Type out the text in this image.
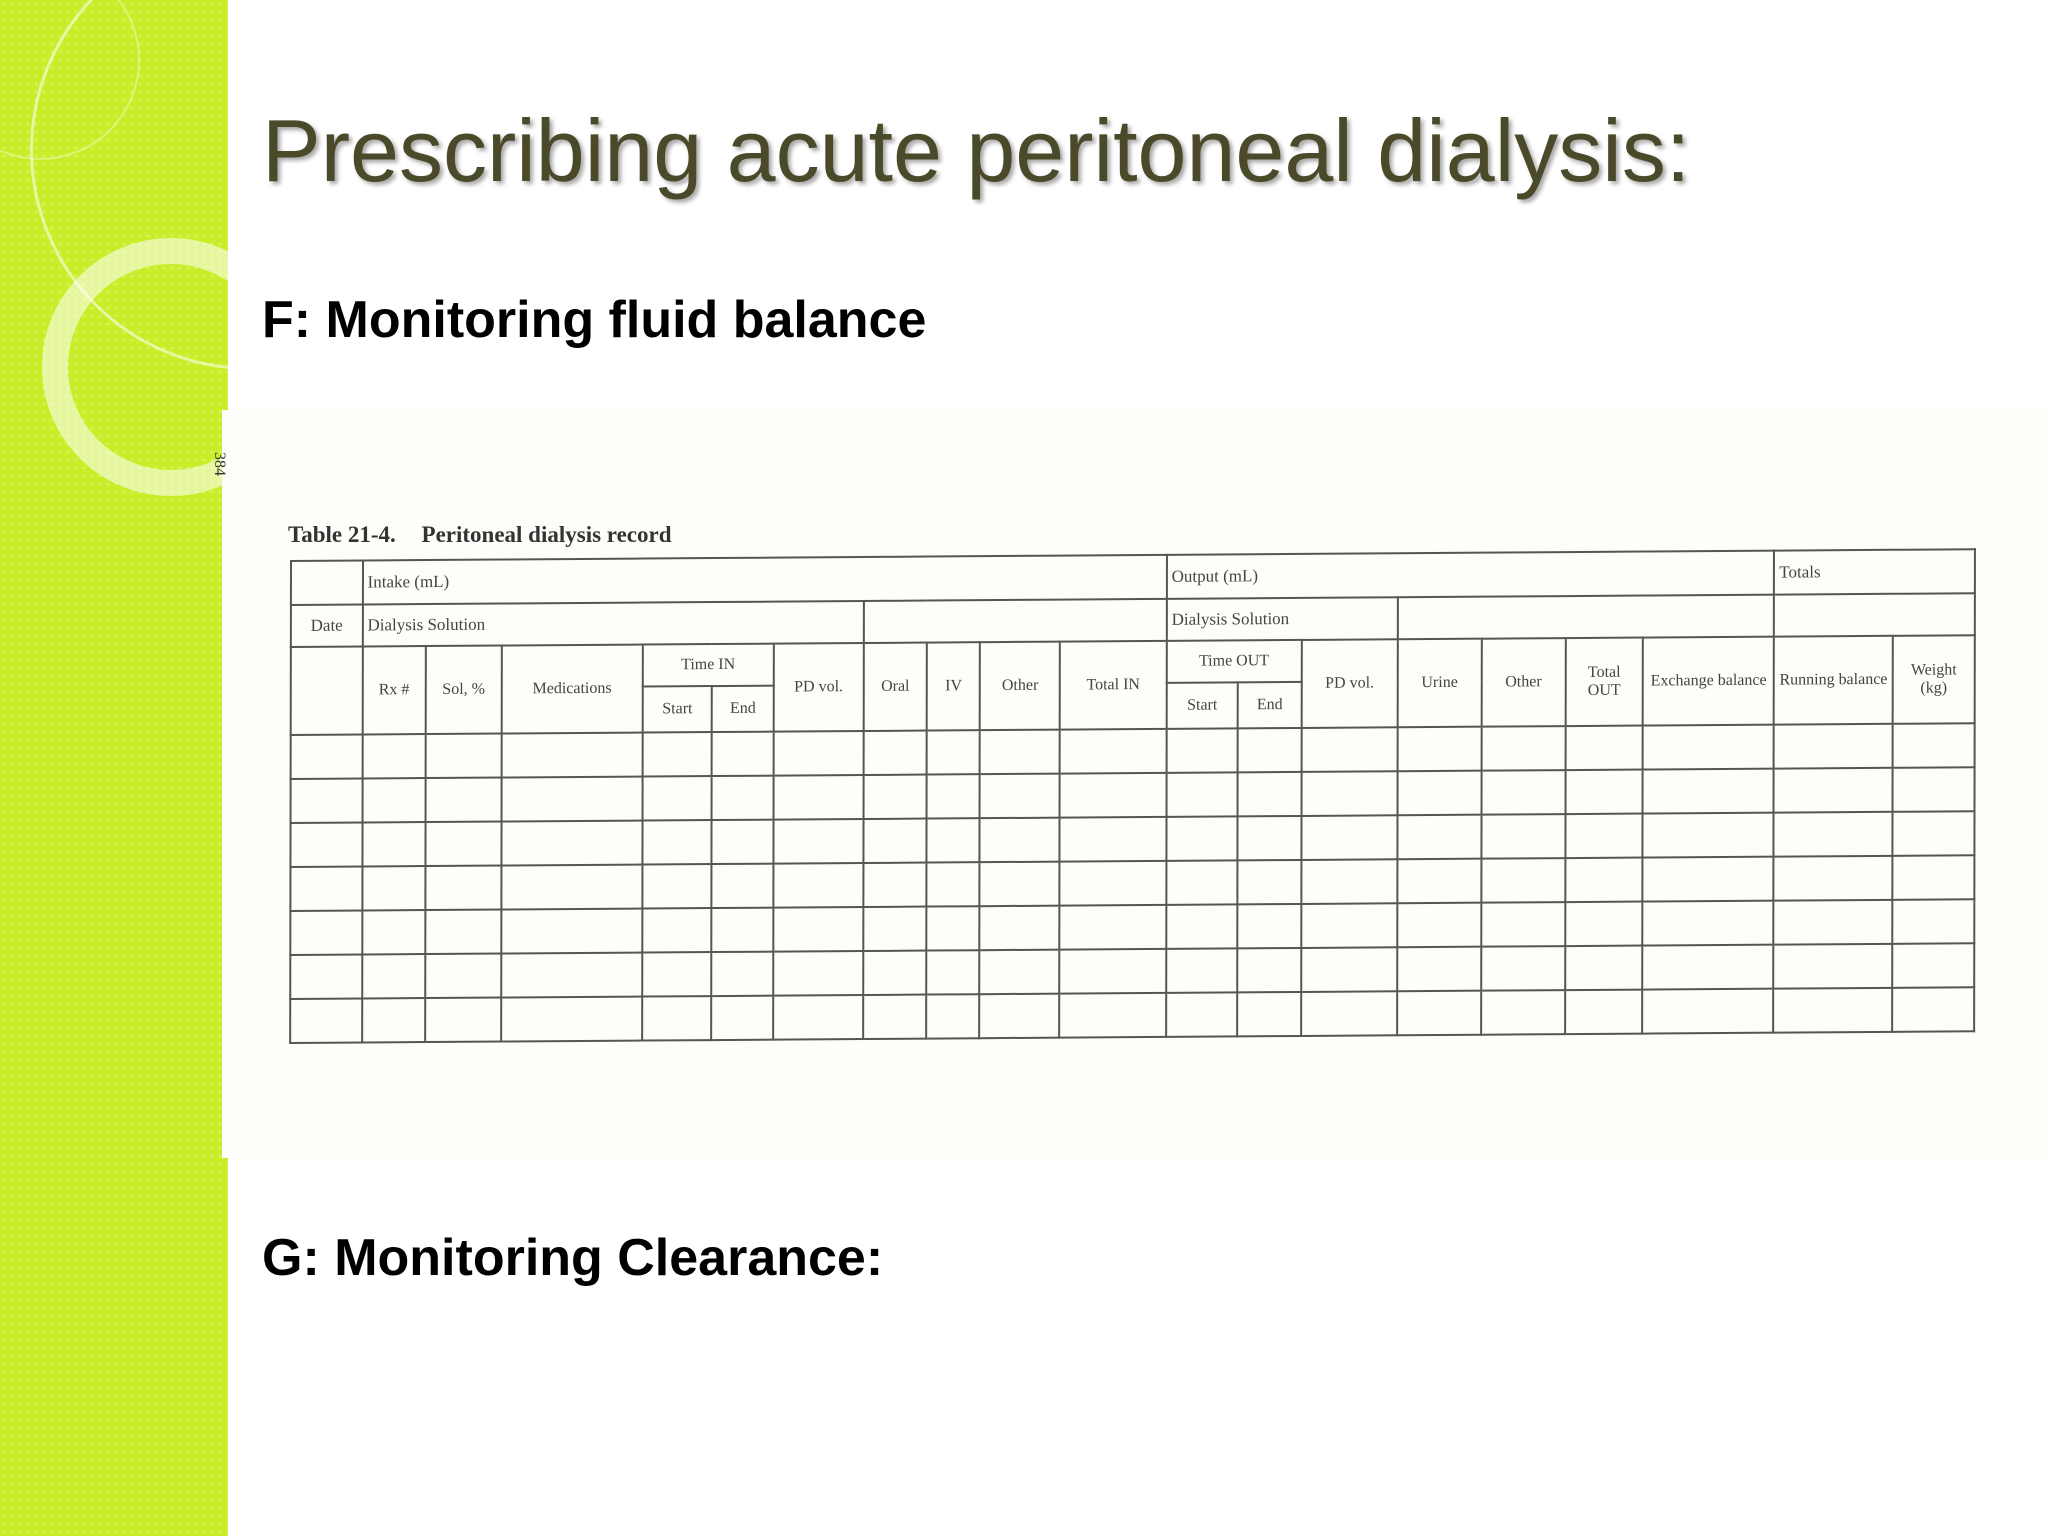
Prescribing acute peritoneal dialysis:
F: Monitoring fluid balance
384
Table 21-4. Peritoneal dialysis record
	Intake (mL)										Output (mL)							Totals	
Date	Dialysis Solution										Dialysis Solution								
	Rx #	Sol, %	Medications	Time IN		PD vol.	Oral	IV	Other	Total IN	Time OUT		PD vol.	Urine	Other	Total OUT	Exchange balance	Running balance	Weight (kg)
				Start	End						Start	End							

G: Monitoring Clearance:
